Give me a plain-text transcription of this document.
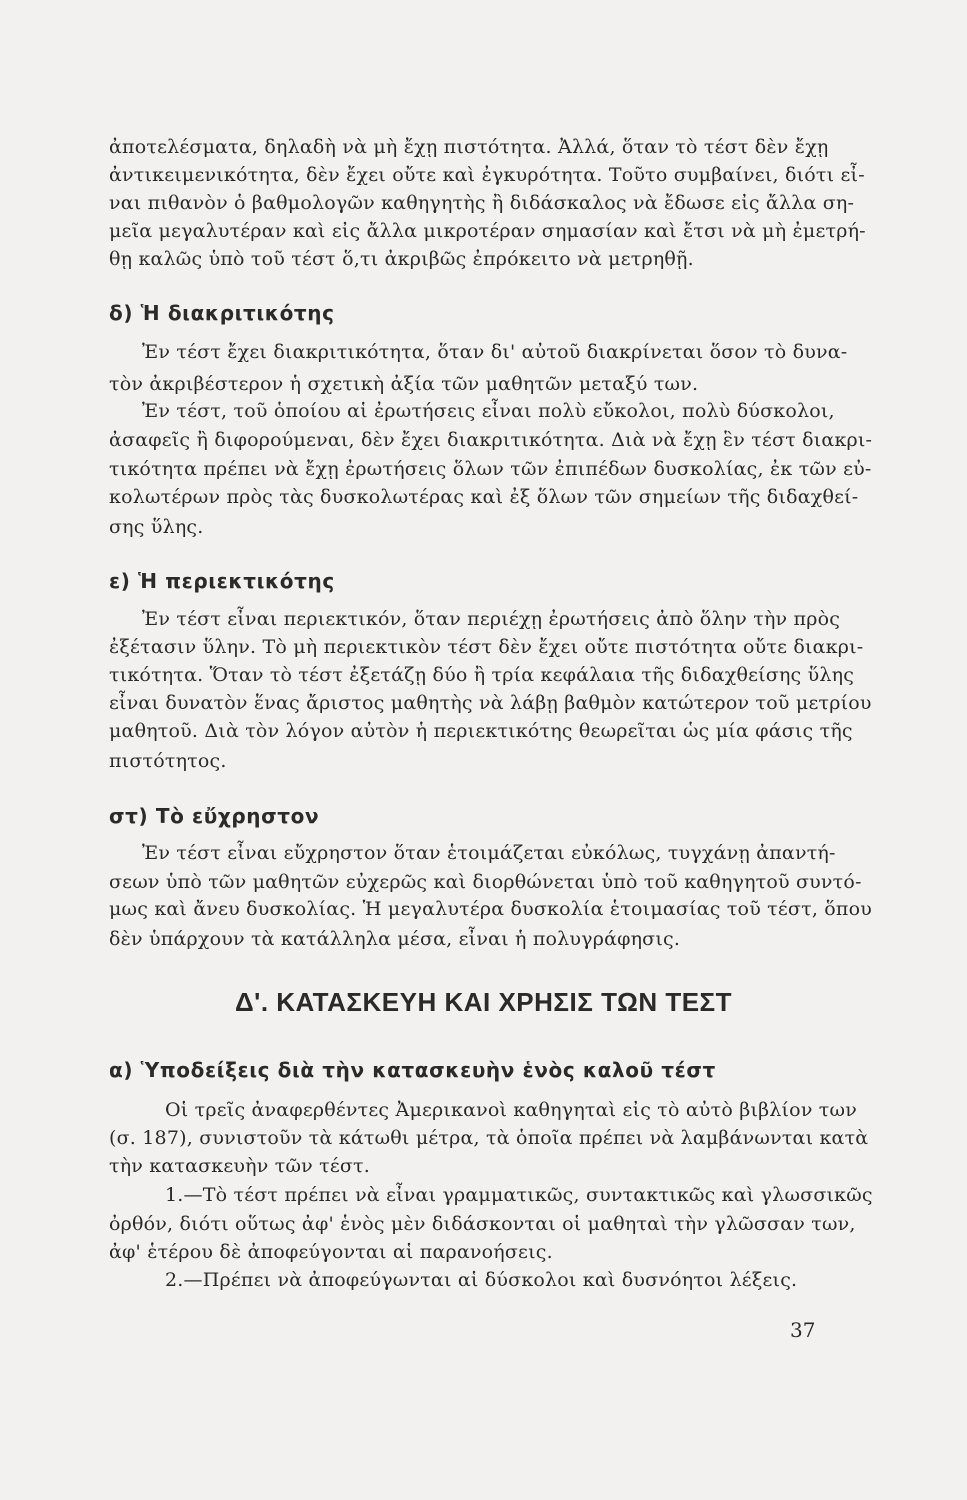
ἀποτελέσματα, δηλαδὴ νὰ μὴ ἔχῃ πιστότητα. Ἀλλά, ὅταν τὸ τέστ δὲν ἔχῃ
ἀντικειμενικότητα, δὲν ἔχει οὔτε καὶ ἐγκυρότητα. Τοῦτο συμβαίνει, διότι εἶ-
ναι πιθανὸν ὁ βαθμολογῶν καθηγητὴς ἢ διδάσκαλος νὰ ἔδωσε εἰς ἄλλα ση-
μεῖα μεγαλυτέραν καὶ εἰς ἄλλα μικροτέραν σημασίαν καὶ ἔτσι νὰ μὴ ἐμετρή-
θῃ καλῶς ὑπὸ τοῦ τέστ ὅ,τι ἀκριβῶς ἐπρόκειτο νὰ μετρηθῇ.
δ) Ἡ διακριτικότης
Ἐν τέστ ἔχει διακριτικότητα, ὅταν δι' αὐτοῦ διακρίνεται ὅσον τὸ δυνα-
τὸν ἀκριβέστερον ἡ σχετικὴ ἀξία τῶν μαθητῶν μεταξύ των.
Ἐν τέστ, τοῦ ὁποίου αἱ ἐρωτήσεις εἶναι πολὺ εὔκολοι, πολὺ δύσκολοι,
ἀσαφεῖς ἢ διφορούμεναι, δὲν ἔχει διακριτικότητα. Διὰ νὰ ἔχῃ ἓν τέστ διακρι-
τικότητα πρέπει νὰ ἔχῃ ἐρωτήσεις ὅλων τῶν ἐπιπέδων δυσκολίας, ἐκ τῶν εὐ-
κολωτέρων πρὸς τὰς δυσκολωτέρας καὶ ἐξ ὅλων τῶν σημείων τῆς διδαχθεί-
σης ὕλης.
ε) Ἡ περιεκτικότης
Ἐν τέστ εἶναι περιεκτικόν, ὅταν περιέχῃ ἐρωτήσεις ἀπὸ ὅλην τὴν πρὸς
ἐξέτασιν ὕλην. Τὸ μὴ περιεκτικὸν τέστ δὲν ἔχει οὔτε πιστότητα οὔτε διακρι-
τικότητα. Ὅταν τὸ τέστ ἐξετάζῃ δύο ἢ τρία κεφάλαια τῆς διδαχθείσης ὕλης
εἶναι δυνατὸν ἕνας ἄριστος μαθητὴς νὰ λάβῃ βαθμὸν κατώτερον τοῦ μετρίου
μαθητοῦ. Διὰ τὸν λόγον αὐτὸν ἡ περιεκτικότης θεωρεῖται ὡς μία φάσις τῆς
πιστότητος.
στ) Τὸ εὔχρηστον
Ἐν τέστ εἶναι εὔχρηστον ὅταν ἑτοιμάζεται εὐκόλως, τυγχάνῃ ἀπαντή-
σεων ὑπὸ τῶν μαθητῶν εὐχερῶς καὶ διορθώνεται ὑπὸ τοῦ καθηγητοῦ συντό-
μως καὶ ἄνευ δυσκολίας. Ἡ μεγαλυτέρα δυσκολία ἑτοιμασίας τοῦ τέστ, ὅπου
δὲν ὑπάρχουν τὰ κατάλληλα μέσα, εἶναι ἡ πολυγράφησις.
Δ'. ΚΑΤΑΣΚΕΥΗ ΚΑΙ ΧΡΗΣΙΣ ΤΩΝ ΤΕΣΤ
α) Ὑποδείξεις διὰ τὴν κατασκευὴν ἑνὸς καλοῦ τέστ
Οἱ τρεῖς ἀναφερθέντες Ἀμερικανοὶ καθηγηταὶ εἰς τὸ αὐτὸ βιβλίον των
(σ. 187), συνιστοῦν τὰ κάτωθι μέτρα, τὰ ὁποῖα πρέπει νὰ λαμβάνωνται κατὰ
τὴν κατασκευὴν τῶν τέστ.
1.—Τὸ τέστ πρέπει νὰ εἶναι γραμματικῶς, συντακτικῶς καὶ γλωσσικῶς
ὀρθόν, διότι οὕτως ἀφ' ἑνὸς μὲν διδάσκονται οἱ μαθηταὶ τὴν γλῶσσαν των,
ἀφ' ἑτέρου δὲ ἀποφεύγονται αἱ παρανοήσεις.
2.—Πρέπει νὰ ἀποφεύγωνται αἱ δύσκολοι καὶ δυσνόητοι λέξεις.
37
